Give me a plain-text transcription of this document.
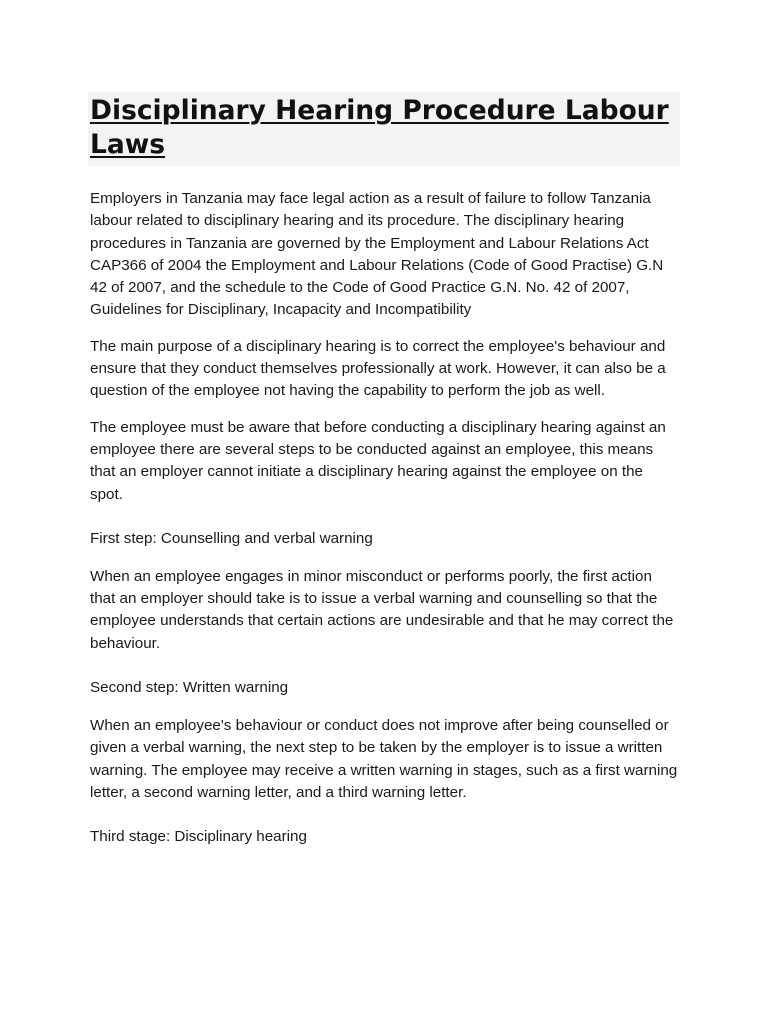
Disciplinary Hearing Procedure Labour Laws

Employers in Tanzania may face legal action as a result of failure to follow Tanzania labour related to disciplinary hearing and its procedure. The disciplinary hearing procedures in Tanzania are governed by the Employment and Labour Relations Act CAP366 of 2004 the Employment and Labour Relations (Code of Good Practise) G.N 42 of 2007, and the schedule to the Code of Good Practice G.N. No. 42 of 2007, Guidelines for Disciplinary, Incapacity and Incompatibility

The main purpose of a disciplinary hearing is to correct the employee's behaviour and ensure that they conduct themselves professionally at work. However, it can also be a question of the employee not having the capability to perform the job as well.

The employee must be aware that before conducting a disciplinary hearing against an employee there are several steps to be conducted against an employee, this means that an employer cannot initiate a disciplinary hearing against the employee on the spot.

First step: Counselling and verbal warning

When an employee engages in minor misconduct or performs poorly, the first action that an employer should take is to issue a verbal warning and counselling so that the employee understands that certain actions are undesirable and that he may correct the behaviour.

Second step: Written warning

When an employee's behaviour or conduct does not improve after being counselled or given a verbal warning, the next step to be taken by the employer is to issue a written warning. The employee may receive a written warning in stages, such as a first warning letter, a second warning letter, and a third warning letter.

Third stage: Disciplinary hearing
